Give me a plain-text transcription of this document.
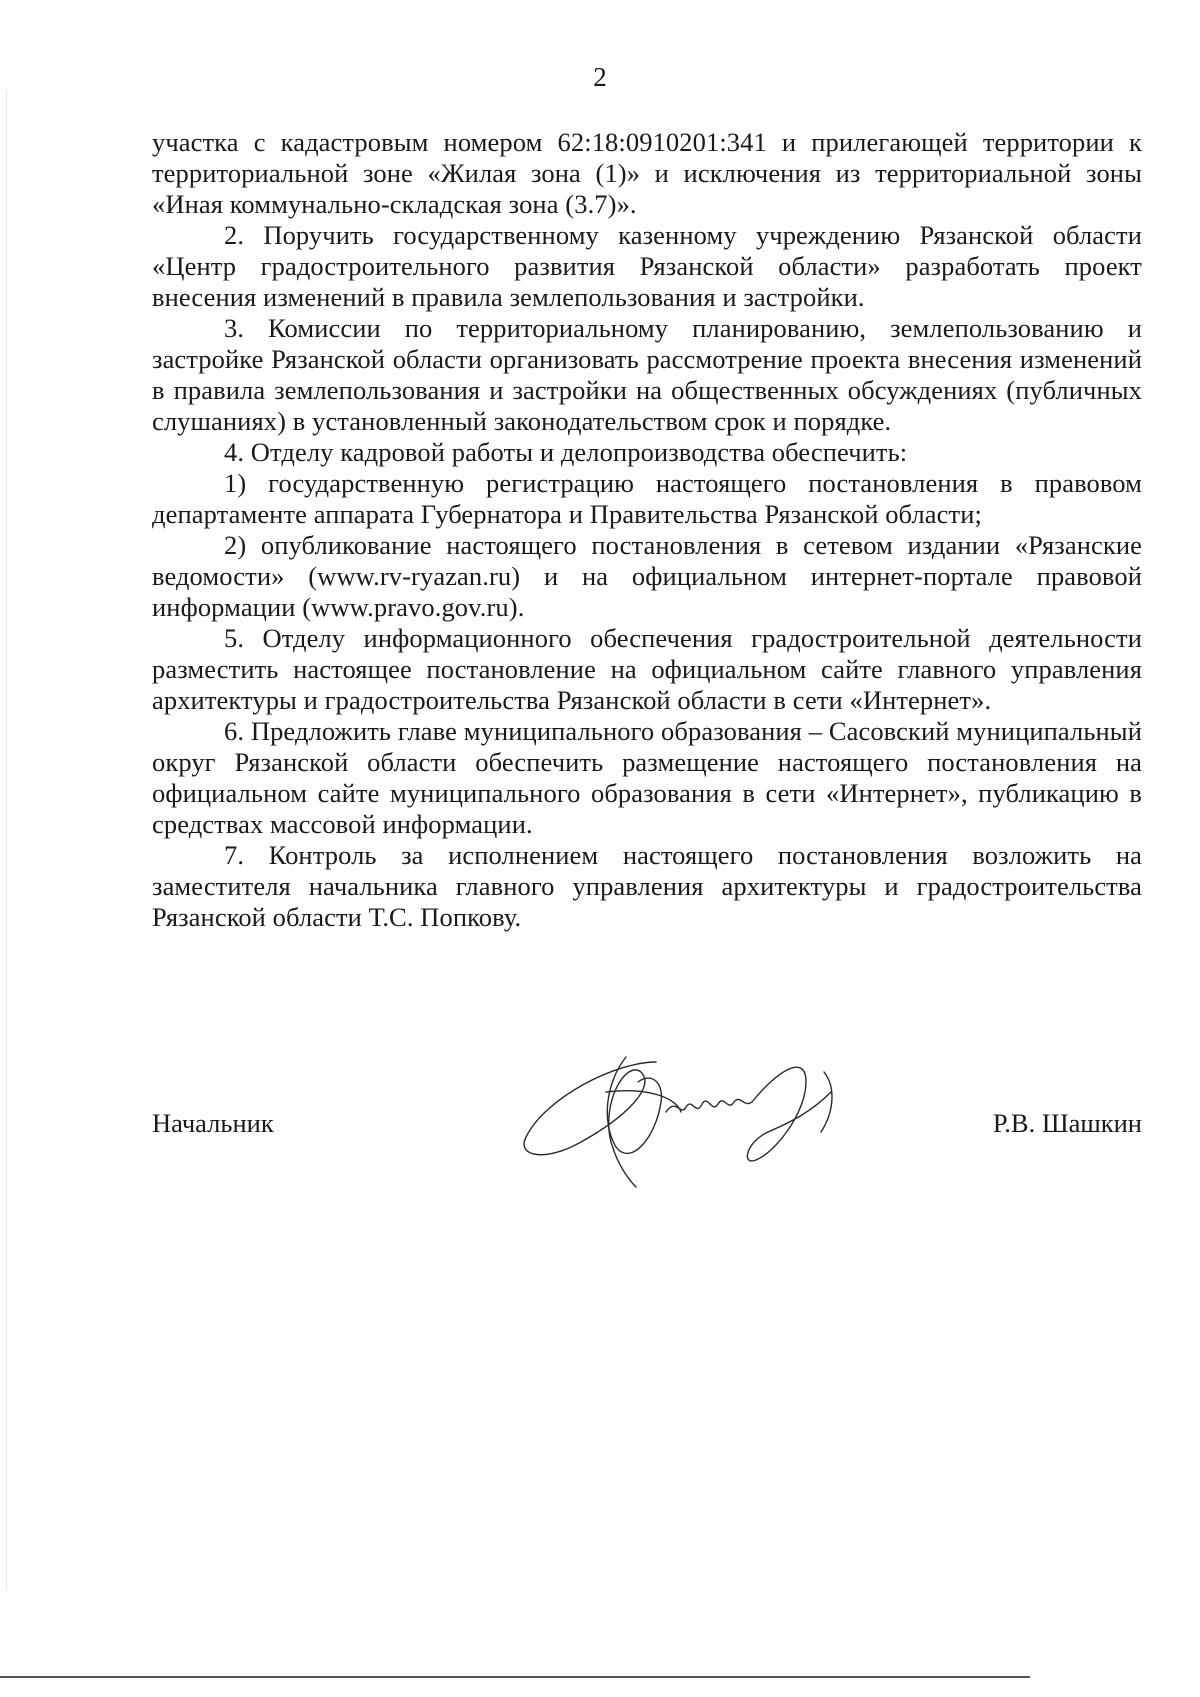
2

участка с кадастровым номером 62:18:0910201:341 и прилегающей территории к территориальной зоне «Жилая зона (1)» и исключения из территориальной зоны «Иная коммунально-складская зона (3.7)».

2. Поручить государственному казенному учреждению Рязанской области «Центр градостроительного развития Рязанской области» разработать проект внесения изменений в правила землепользования и застройки.

3. Комиссии по территориальному планированию, землепользованию и застройке Рязанской области организовать рассмотрение проекта внесения изменений в правила землепользования и застройки на общественных обсуждениях (публичных слушаниях) в установленный законодательством срок и порядке.

4. Отделу кадровой работы и делопроизводства обеспечить:

1) государственную регистрацию настоящего постановления в правовом департаменте аппарата Губернатора и Правительства Рязанской области;

2) опубликование настоящего постановления в сетевом издании «Рязанские ведомости» (www.rv-ryazan.ru) и на официальном интернет-портале правовой информации (www.pravo.gov.ru).

5. Отделу информационного обеспечения градостроительной деятельности разместить настоящее постановление на официальном сайте главного управления архитектуры и градостроительства Рязанской области в сети «Интернет».

6. Предложить главе муниципального образования – Сасовский муниципальный округ Рязанской области обеспечить размещение настоящего постановления на официальном сайте муниципального образования в сети «Интернет», публикацию в средствах массовой информации.

7. Контроль за исполнением настоящего постановления возложить на заместителя начальника главного управления архитектуры и градостроительства Рязанской области Т.С. Попкову.

Начальник	Р.В. Шашкин
